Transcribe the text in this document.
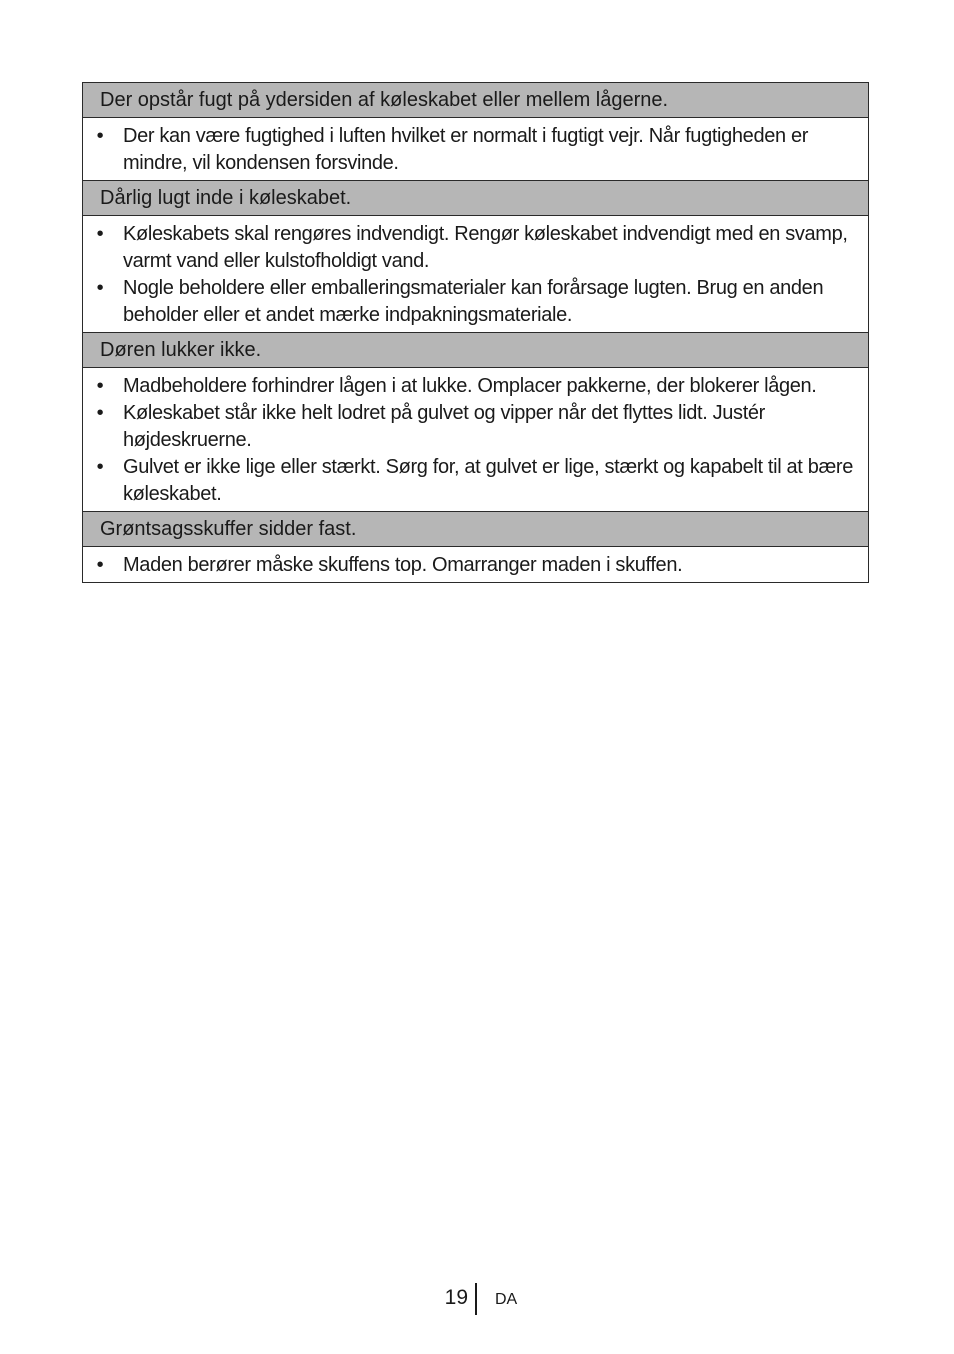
Der opstår fugt på ydersiden af køleskabet eller mellem lågerne.
• Der kan være fugtighed i luften hvilket er normalt i fugtigt vejr. Når fugtigheden er mindre, vil kondensen forsvinde.
Dårlig lugt inde i køleskabet.
• Køleskabets skal rengøres indvendigt. Rengør køleskabet indvendigt med en svamp, varmt vand eller kulstofholdigt vand.
• Nogle beholdere eller emballeringsmaterialer kan forårsage lugten. Brug en anden beholder eller et andet mærke indpakningsmateriale.
Døren lukker ikke.
• Madbeholdere forhindrer lågen i at lukke. Omplacer pakkerne, der blokerer lågen.
• Køleskabet står ikke helt lodret på gulvet og vipper når det flyttes lidt. Justér højdeskruerne.
• Gulvet er ikke lige eller stærkt. Sørg for, at gulvet er lige, stærkt og kapabelt til at bære køleskabet.
Grøntsagsskuffer sidder fast.
• Maden berører måske skuffens top. Omarranger maden i skuffen.
19 DA
